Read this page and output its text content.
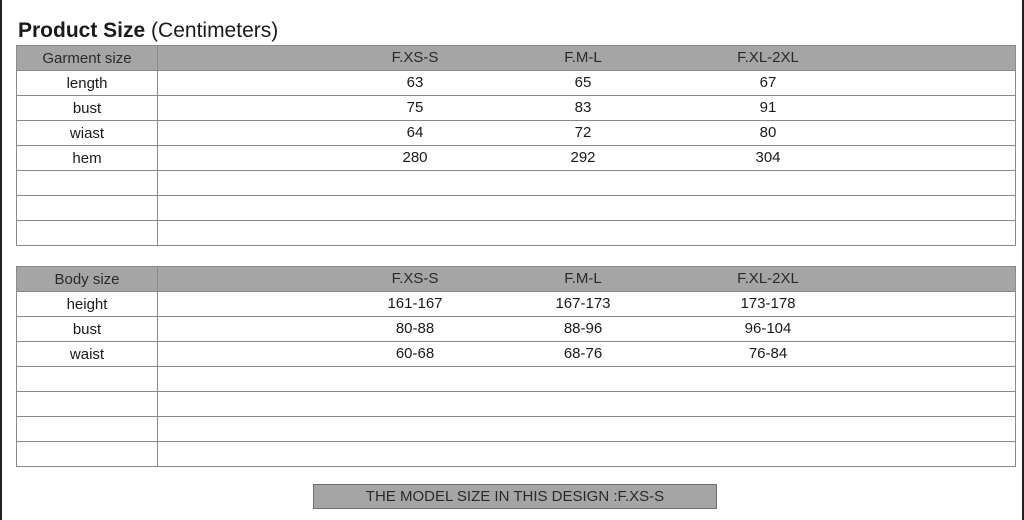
Product Size (Centimeters)
Garment size	F.XS-S F.M-L F.XL-2XL

length	63 65 67

bust	75 83 91

wiast	64 72 80

hem	280 292 304

Body size	F.XS-S F.M-L F.XL-2XL

height	161-167 167-173 173-178

bust	80-88 88-96 96-104

waist	60-68 68-76 76-84

THE MODEL SIZE IN THIS DESIGN :F.XS-S
